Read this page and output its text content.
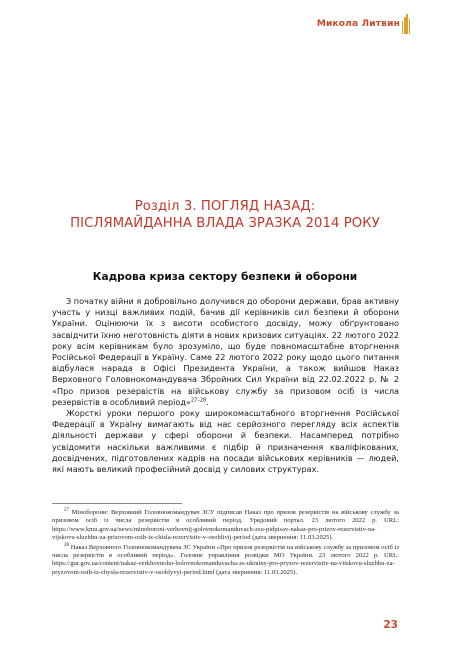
Микола Литвин
Розділ 3. ПОГЛЯД НАЗАД:
ПІСЛЯМАЙДАННА ВЛАДА ЗРАЗКА 2014 РОКУ
Кадрова криза сектору безпеки й оборони

З початку війни я добровільно долучився до оборони держави, брав активну участь у низці важливих подій, бачив дії керівників сил безпеки й оборони України. Оцінюючи їх з висоти особистого досвіду, можу обґрунтовано засвідчити їхню неготовність діяти в нових кризових ситуаціях. 22 лютого 2022 року всім керівникам було зрозуміло, що буде повномасштабне вторгнення Російської Федерації в Україну. Саме 22 лютого 2022 року щодо цього питання відбулася нарада в Офісі Президента України, а також вийшов Наказ Верховного Головнокомандувача Збройних Сил України від 22.02.2022 р. № 2 «Про призов резервістів на військову службу за призовом осіб із числа резервістів в особливий період»$^{27-28}$.

Жорсткі уроки першого року широкомасштабного вторгнення Російської Федерації в Україну вимагають від нас серйозного перегляду всіх аспектів діяльності держави у сфері оборони й безпеки. Насамперед потрібно усвідомити наскільки важливими є підбір й призначення кваліфікованих, досвідчених, підготовлених кадрів на посади військових керівників — людей, які мають великий професійний досвід у силових структурах.

$^{27}$ Міноборони: Верховний Головнокомандувач ЗСУ підписав Наказ про призов резервістів на військову службу за призовом осіб із числа резервістів в особливий період. Урядовий портал. 23 лютого 2022 р. URL: https://www.kmu.gov.ua/news/minoboroni-verhovnij-golovnokomanduvach-zsu-pidpisav-nakaz-pro-prizov-rezervistiv-na-vijskovu-sluzhbu-za-prizovom-osib-iz-chisla-rezervistiv-v-osoblivij-period (дата звернення: 11.03.2025).

$^{28}$ Наказ Верховного Головнокомандувача ЗС України «Про призов резервістів на військову службу за призовом осіб із числа резервістів в особливий період». Головне управління розвідки МО України. 23 лютого 2022 р. URL: https://gur.gov.ua/content/nakaz-verkhovnoho-holovnokomanduvacha-zs-ukrainy-pro-pryzov-rezervistiv-na-viiskovu-sluzhbu-za-pryzovom-osib-iz-chysla-rezervistiv-v-osoblyvyi-period.html (дата звернення: 11.03.2025).

23
